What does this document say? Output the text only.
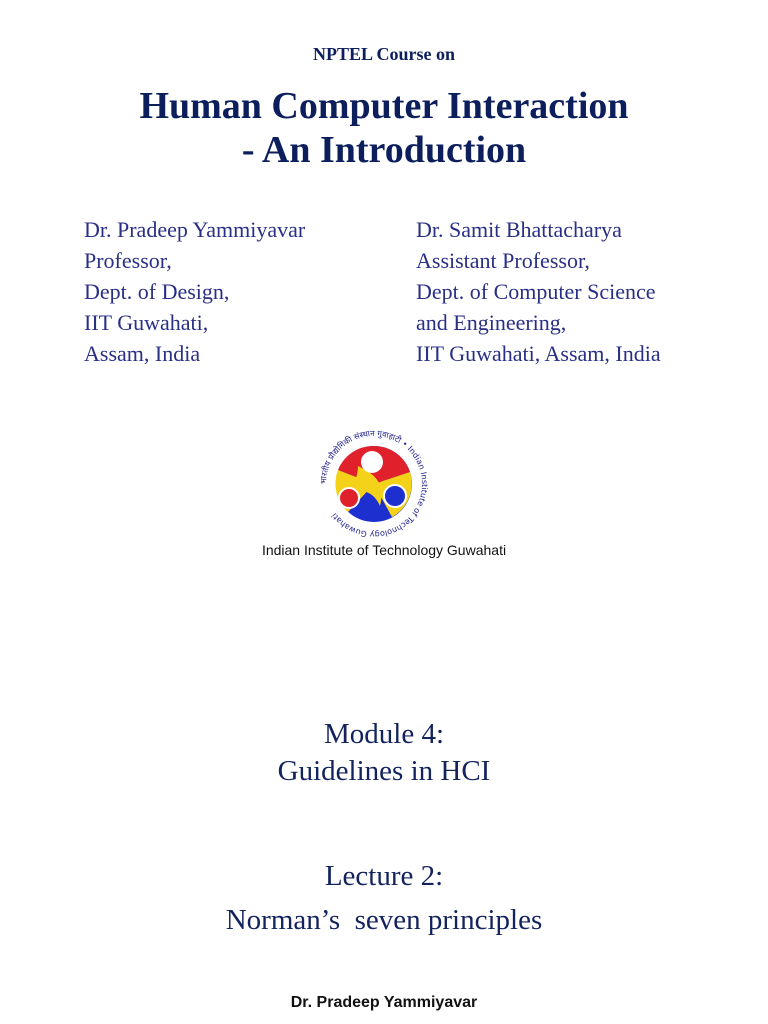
NPTEL Course on
Human Computer Interaction
- An Introduction
Dr. Pradeep Yammiyavar
Professor,
Dept. of Design,
IIT Guwahati,
Assam, India
Dr. Samit Bhattacharya
Assistant Professor,
Dept. of Computer Science
and Engineering,
IIT Guwahati, Assam, India
भारतीय प्रौद्योगिकी संस्थान गुवाहाटी • Indian Institute of Technology Guwahati
Indian Institute of Technology Guwahati
Module 4:
Guidelines in HCI
Lecture 2:
Norman’s  seven principles
Dr. Pradeep Yammiyavar
